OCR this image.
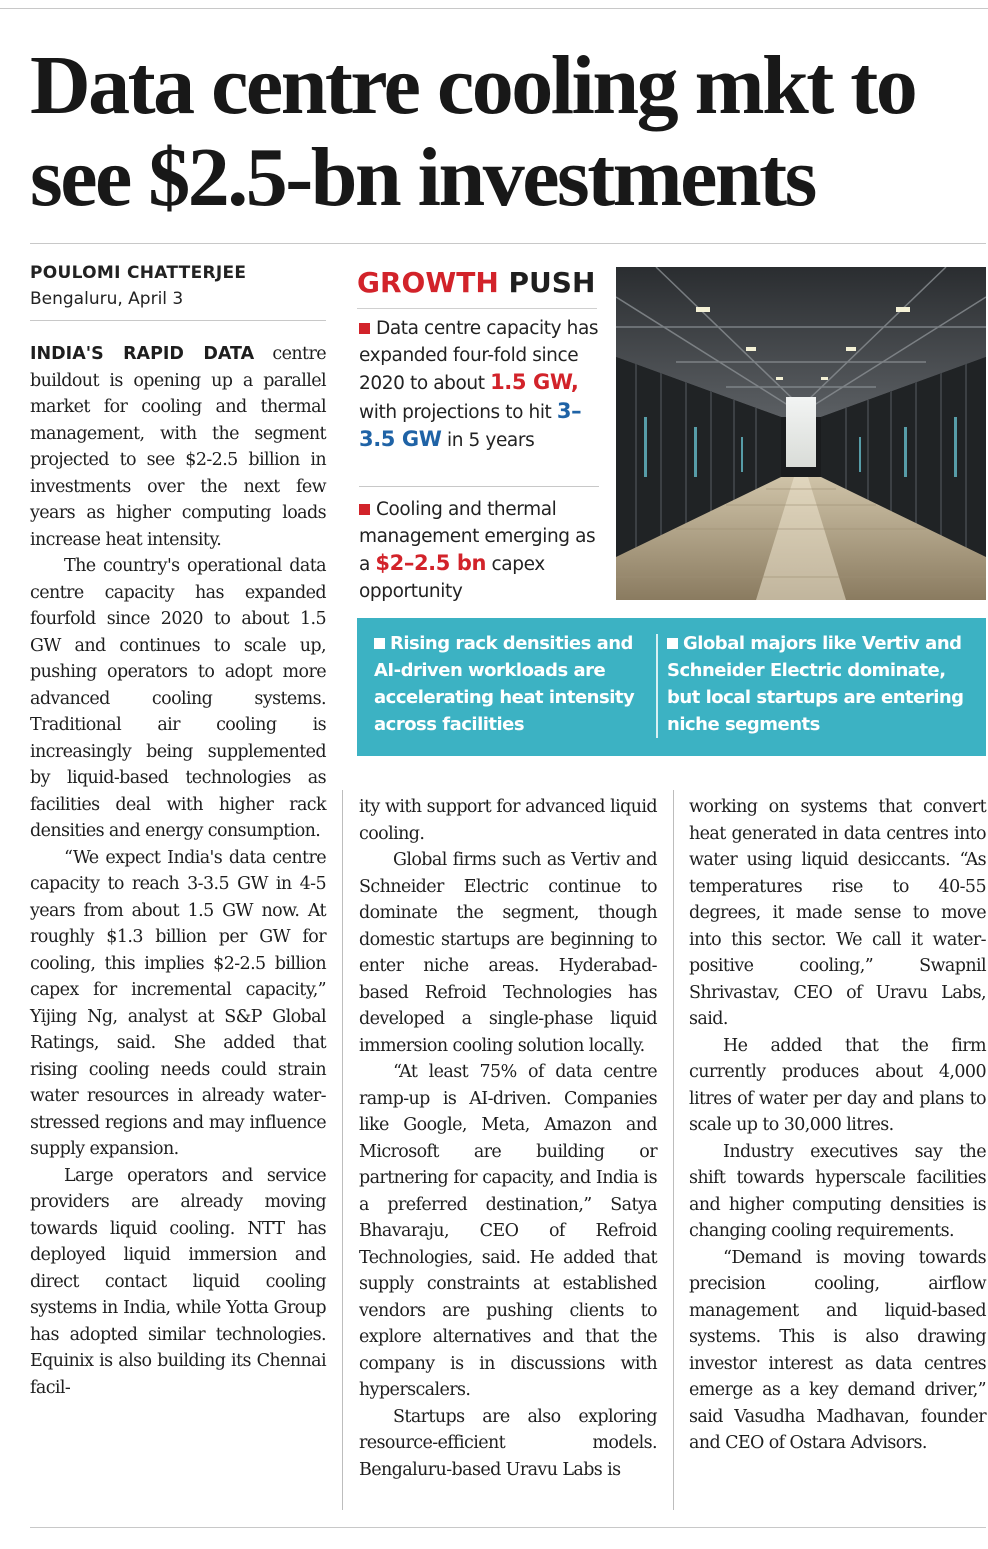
Data centre cooling mkt to
see $2.5-bn investments
POULOMI CHATTERJEE
Bengaluru, April 3

INDIA'S RAPID DATA centre buildout is opening up a parallel market for cooling and thermal management, with the segment projected to see $2-2.5 billion in investments over the next few years as higher computing loads increase heat intensity.

The country's operational data centre capacity has expanded fourfold since 2020 to about 1.5 GW and continues to scale up, pushing operators to adopt more advanced cooling systems. Traditional air cooling is increasingly being supplemented by liquid-based technologies as facilities deal with higher rack densities and energy consumption.

“We expect India's data centre capacity to reach 3-3.5 GW in 4-5 years from about 1.5 GW now. At roughly $1.3 billion per GW for cooling, this implies $2-2.5 billion capex for incremental capacity,” Yijing Ng, analyst at S&P Global Ratings, said. She added that rising cooling needs could strain water resources in already water-stressed regions and may influence supply expansion.

Large operators and service providers are already moving towards liquid cooling. NTT has deployed liquid immersion and direct contact liquid cooling systems in India, while Yotta Group has adopted similar technologies. Equinix is also building its Chennai facil-

GROWTH PUSH
Data centre capacity has expanded four-fold since 2020 to about 1.5 GW, with projections to hit 3–3.5 GW in 5 years
Cooling and thermal management emerging as a $2–2.5 bn capex opportunity
Rising rack densities and AI-driven workloads are accelerating heat intensity across facilities
Global majors like Vertiv and Schneider Electric dominate, but local startups are entering niche segments

ity with support for advanced liquid cooling.

Global firms such as Vertiv and Schneider Electric continue to dominate the segment, though domestic startups are beginning to enter niche areas. Hyderabad-based Refroid Technologies has developed a single-phase liquid immersion cooling solution locally.

“At least 75% of data centre ramp-up is AI-driven. Companies like Google, Meta, Amazon and Microsoft are building or partnering for capacity, and India is a preferred destination,” Satya Bhavaraju, CEO of Refroid Technologies, said. He added that supply constraints at established vendors are pushing clients to explore alternatives and that the company is in discussions with hyperscalers.

Startups are also exploring resource-efficient models. Bengaluru-based Uravu Labs is

working on systems that convert heat generated in data centres into water using liquid desiccants. “As temperatures rise to 40-55 degrees, it made sense to move into this sector. We call it water-positive cooling,” Swapnil Shrivastav, CEO of Uravu Labs, said.

He added that the firm currently produces about 4,000 litres of water per day and plans to scale up to 30,000 litres.

Industry executives say the shift towards hyperscale facilities and higher computing densities is changing cooling requirements.

“Demand is moving towards precision cooling, airflow management and liquid-based systems. This is also drawing investor interest as data centres emerge as a key demand driver,” said Vasudha Madhavan, founder and CEO of Ostara Advisors.
